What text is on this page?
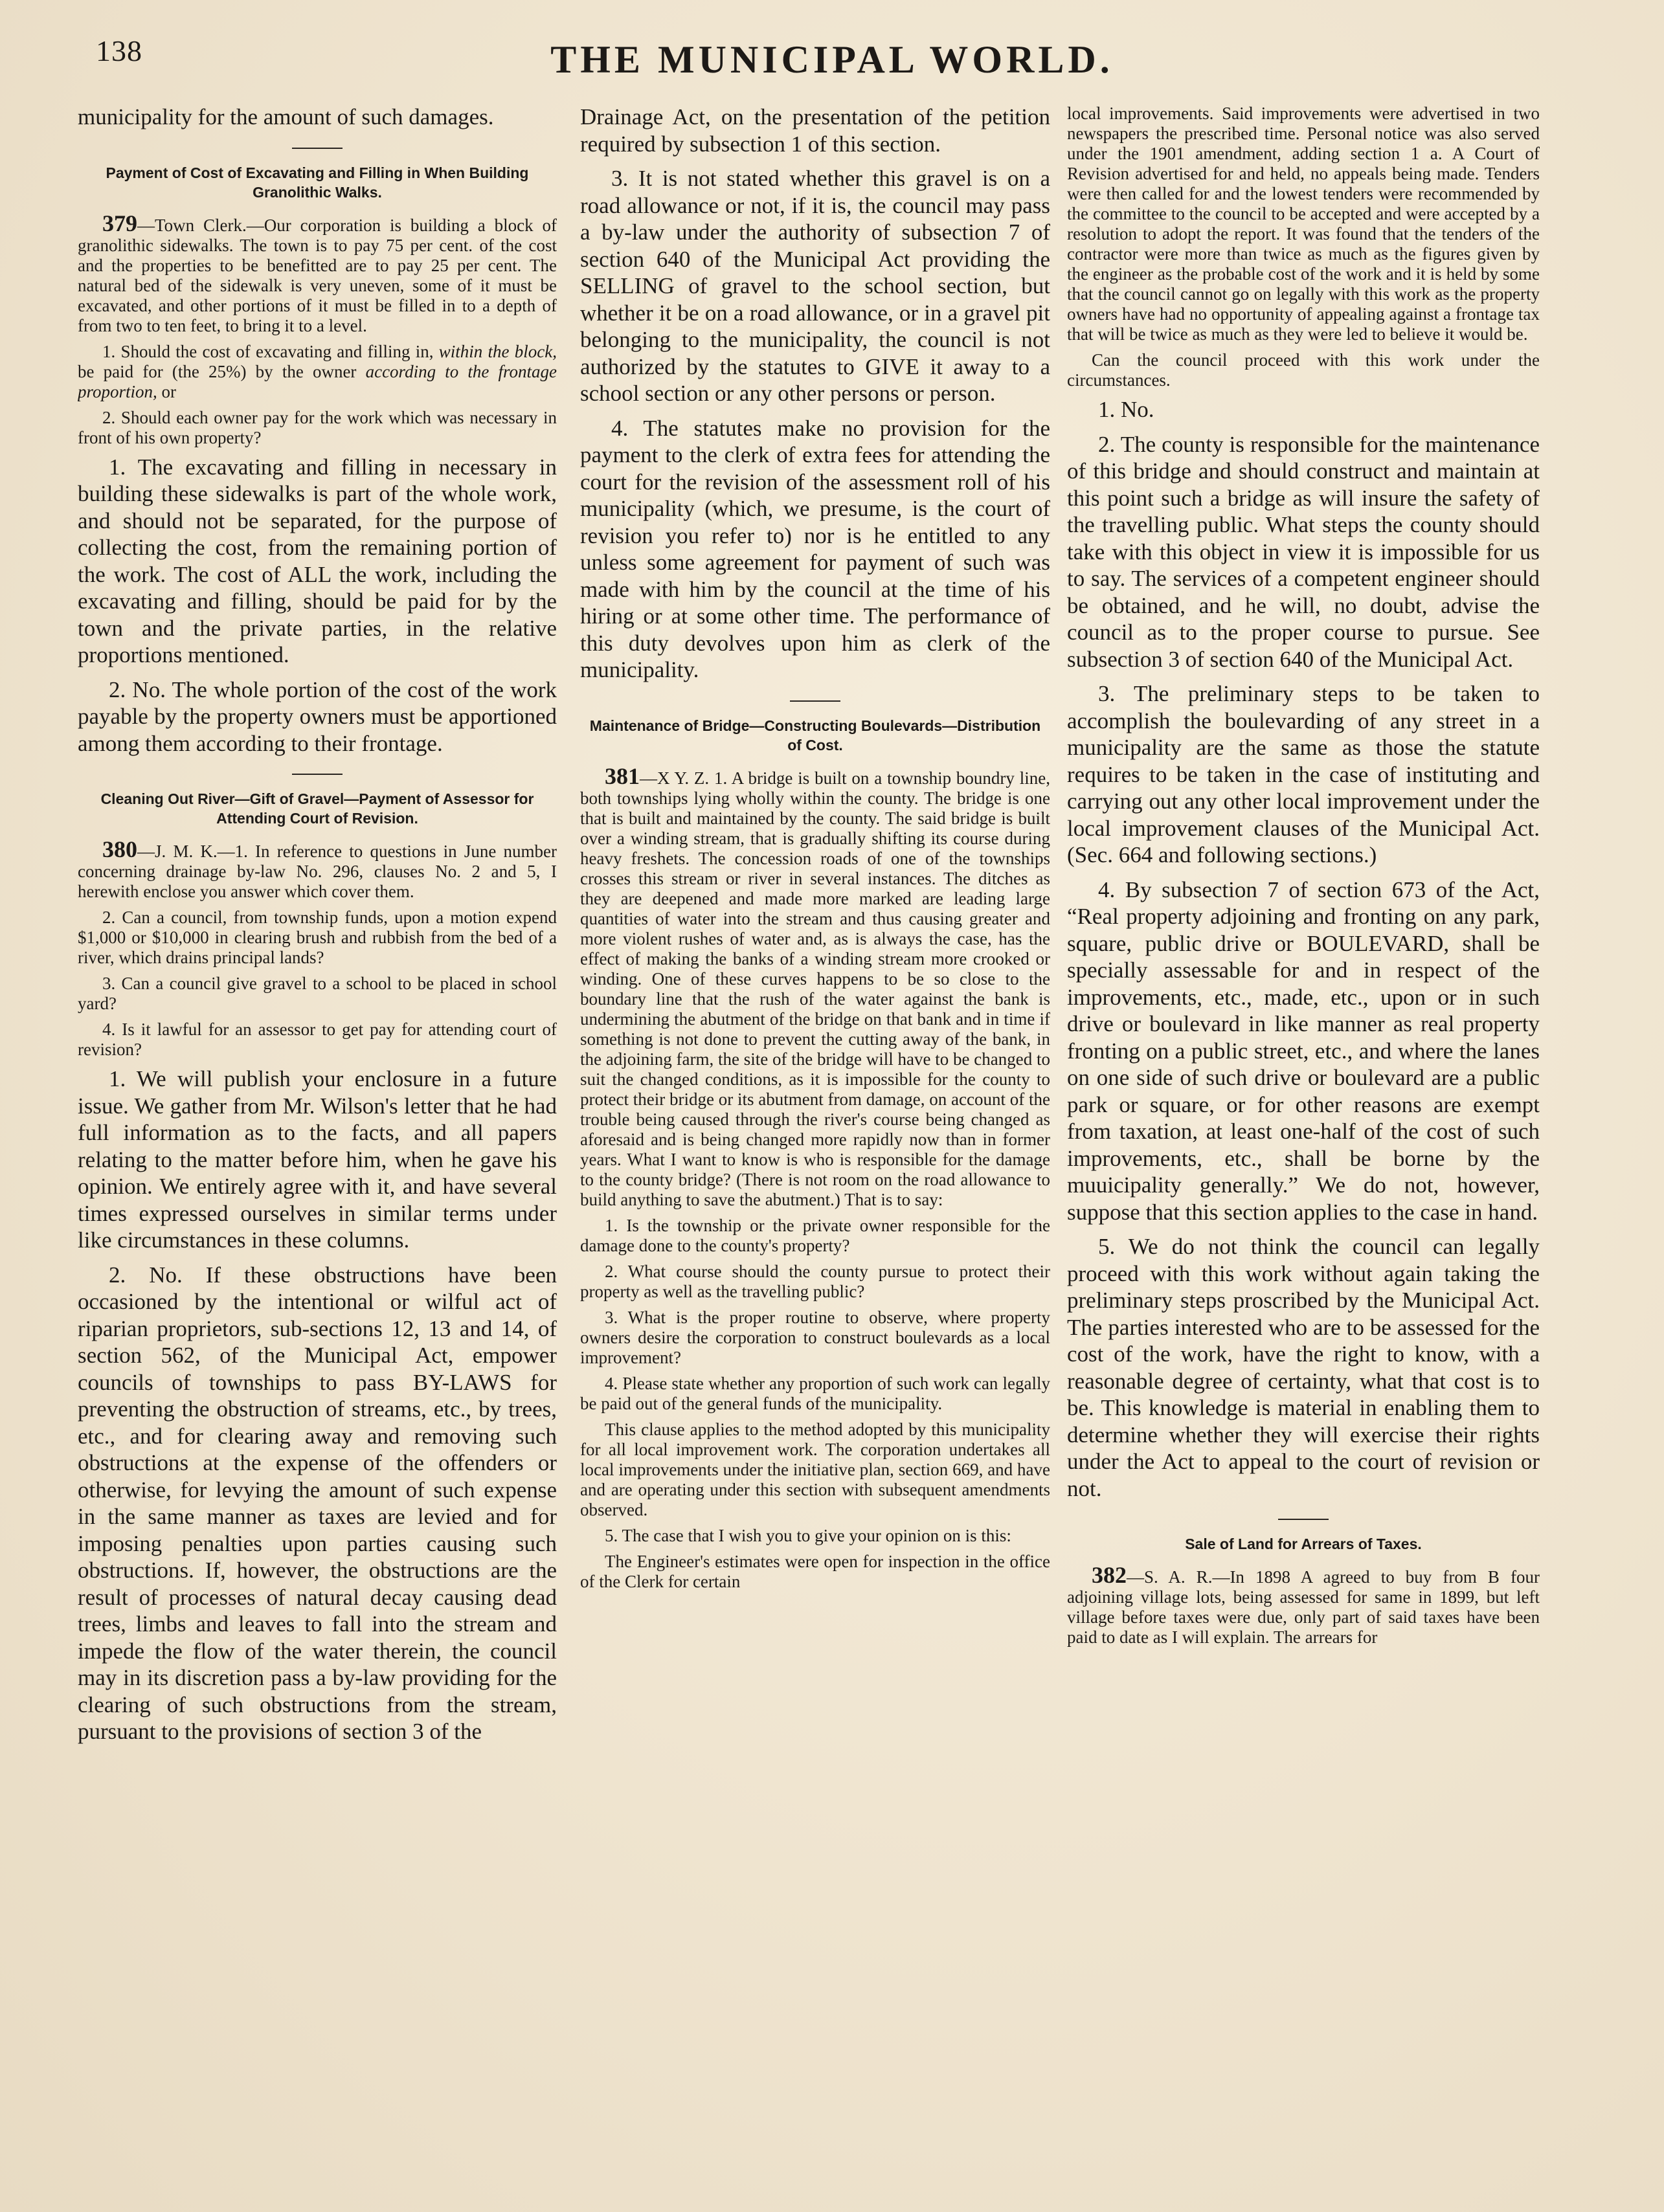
138	THE MUNICIPAL WORLD.

municipality for the amount of such damages.

Payment of Cost of Excavating and Filling in When Building Granolithic Walks.

379—Town Clerk.—Our corporation is building a block of granolithic sidewalks. The town is to pay 75 per cent. of the cost and the properties to be benefitted are to pay 25 per cent. The natural bed of the sidewalk is very uneven, some of it must be excavated, and other portions of it must be filled in to a depth of from two to ten feet, to bring it to a level.

1. Should the cost of excavating and filling in, within the block, be paid for (the 25%) by the owner according to the frontage proportion, or

2. Should each owner pay for the work which was necessary in front of his own property?

1. The excavating and filling in necessary in building these sidewalks is part of the whole work, and should not be separated, for the purpose of collecting the cost, from the remaining portion of the work. The cost of ALL the work, including the excavating and filling, should be paid for by the town and the private parties, in the relative proportions mentioned.

2. No. The whole portion of the cost of the work payable by the property owners must be apportioned among them according to their frontage.

Cleaning Out River—Gift of Gravel—Payment of Assessor for Attending Court of Revision.

380—J. M. K.—1. In reference to questions in June number concerning drainage by-law No. 296, clauses No. 2 and 5, I herewith enclose you answer which cover them.

2. Can a council, from township funds, upon a motion expend $1,000 or $10,000 in clearing brush and rubbish from the bed of a river, which drains principal lands?

3. Can a council give gravel to a school to be placed in school yard?

4. Is it lawful for an assessor to get pay for attending court of revision?

1. We will publish your enclosure in a future issue. We gather from Mr. Wilson's letter that he had full information as to the facts, and all papers relating to the matter before him, when he gave his opinion. We entirely agree with it, and have several times expressed ourselves in similar terms under like circumstances in these columns.

2. No. If these obstructions have been occasioned by the intentional or wilful act of riparian proprietors, sub-sections 12, 13 and 14, of section 562, of the Municipal Act, empower councils of townships to pass BY-LAWS for preventing the obstruction of streams, etc., by trees, etc., and for clearing away and removing such obstructions at the expense of the offenders or otherwise, for levying the amount of such expense in the same manner as taxes are levied and for imposing penalties upon parties causing such obstructions. If, however, the obstructions are the result of processes of natural decay causing dead trees, limbs and leaves to fall into the stream and impede the flow of the water therein, the council may in its discretion pass a by-law providing for the clearing of such obstructions from the stream, pursuant to the provisions of section 3 of the

Drainage Act, on the presentation of the petition required by subsection 1 of this section.

3. It is not stated whether this gravel is on a road allowance or not, if it is, the council may pass a by-law under the authority of subsection 7 of section 640 of the Municipal Act providing the SELLING of gravel to the school section, but whether it be on a road allowance, or in a gravel pit belonging to the municipality, the council is not authorized by the statutes to GIVE it away to a school section or any other persons or person.

4. The statutes make no provision for the payment to the clerk of extra fees for attending the court for the revision of the assessment roll of his municipality (which, we presume, is the court of revision you refer to) nor is he entitled to any unless some agreement for payment of such was made with him by the council at the time of his hiring or at some other time. The performance of this duty devolves upon him as clerk of the municipality.

Maintenance of Bridge—Constructing Boulevards—Distribution of Cost.

381—X Y. Z. 1. A bridge is built on a township boundry line, both townships lying wholly within the county. The bridge is one that is built and maintained by the county. The said bridge is built over a winding stream, that is gradually shifting its course during heavy freshets. The concession roads of one of the townships crosses this stream or river in several instances. The ditches as they are deepened and made more marked are leading large quantities of water into the stream and thus causing greater and more violent rushes of water and, as is always the case, has the effect of making the banks of a winding stream more crooked or winding. One of these curves happens to be so close to the boundary line that the rush of the water against the bank is undermining the abutment of the bridge on that bank and in time if something is not done to prevent the cutting away of the bank, in the adjoining farm, the site of the bridge will have to be changed to suit the changed conditions, as it is impossible for the county to protect their bridge or its abutment from damage, on account of the trouble being caused through the river's course being changed as aforesaid and is being changed more rapidly now than in former years. What I want to know is who is responsible for the damage to the county bridge? (There is not room on the road allowance to build anything to save the abutment.) That is to say:

1. Is the township or the private owner responsible for the damage done to the county's property?

2. What course should the county pursue to protect their property as well as the travelling public?

3. What is the proper routine to observe, where property owners desire the corporation to construct boulevards as a local improvement?

4. Please state whether any proportion of such work can legally be paid out of the general funds of the municipality.

This clause applies to the method adopted by this municipality for all local improvement work. The corporation undertakes all local improvements under the initiative plan, section 669, and have and are operating under this section with subsequent amendments observed.

5. The case that I wish you to give your opinion on is this:

The Engineer's estimates were open for inspection in the office of the Clerk for certain

local improvements. Said improvements were advertised in two newspapers the prescribed time. Personal notice was also served under the 1901 amendment, adding section 1 a. A Court of Revision advertised for and held, no appeals being made. Tenders were then called for and the lowest tenders were recommended by the committee to the council to be accepted and were accepted by a resolution to adopt the report. It was found that the tenders of the contractor were more than twice as much as the figures given by the engineer as the probable cost of the work and it is held by some that the council cannot go on legally with this work as the property owners have had no opportunity of appealing against a frontage tax that will be twice as much as they were led to believe it would be.

Can the council proceed with this work under the circumstances.

1. No.

2. The county is responsible for the maintenance of this bridge and should construct and maintain at this point such a bridge as will insure the safety of the travelling public. What steps the county should take with this object in view it is impossible for us to say. The services of a competent engineer should be obtained, and he will, no doubt, advise the council as to the proper course to pursue. See subsection 3 of section 640 of the Municipal Act.

3. The preliminary steps to be taken to accomplish the boulevarding of any street in a municipality are the same as those the statute requires to be taken in the case of instituting and carrying out any other local improvement under the local improvement clauses of the Municipal Act. (Sec. 664 and following sections.)

4. By subsection 7 of section 673 of the Act, “Real property adjoining and fronting on any park, square, public drive or BOULEVARD, shall be specially assessable for and in respect of the improvements, etc., made, etc., upon or in such drive or boulevard in like manner as real property fronting on a public street, etc., and where the lanes on one side of such drive or boulevard are a public park or square, or for other reasons are exempt from taxation, at least one-half of the cost of such improvements, etc., shall be borne by the muuicipality generally.” We do not, however, suppose that this section applies to the case in hand.

5. We do not think the council can legally proceed with this work without again taking the preliminary steps proscribed by the Municipal Act. The parties interested who are to be assessed for the cost of the work, have the right to know, with a reasonable degree of certainty, what that cost is to be. This knowledge is material in enabling them to determine whether they will exercise their rights under the Act to appeal to the court of revision or not.

Sale of Land for Arrears of Taxes.

382—S. A. R.—In 1898 A agreed to buy from B four adjoining village lots, being assessed for same in 1899, but left village before taxes were due, only part of said taxes have been paid to date as I will explain. The arrears for
